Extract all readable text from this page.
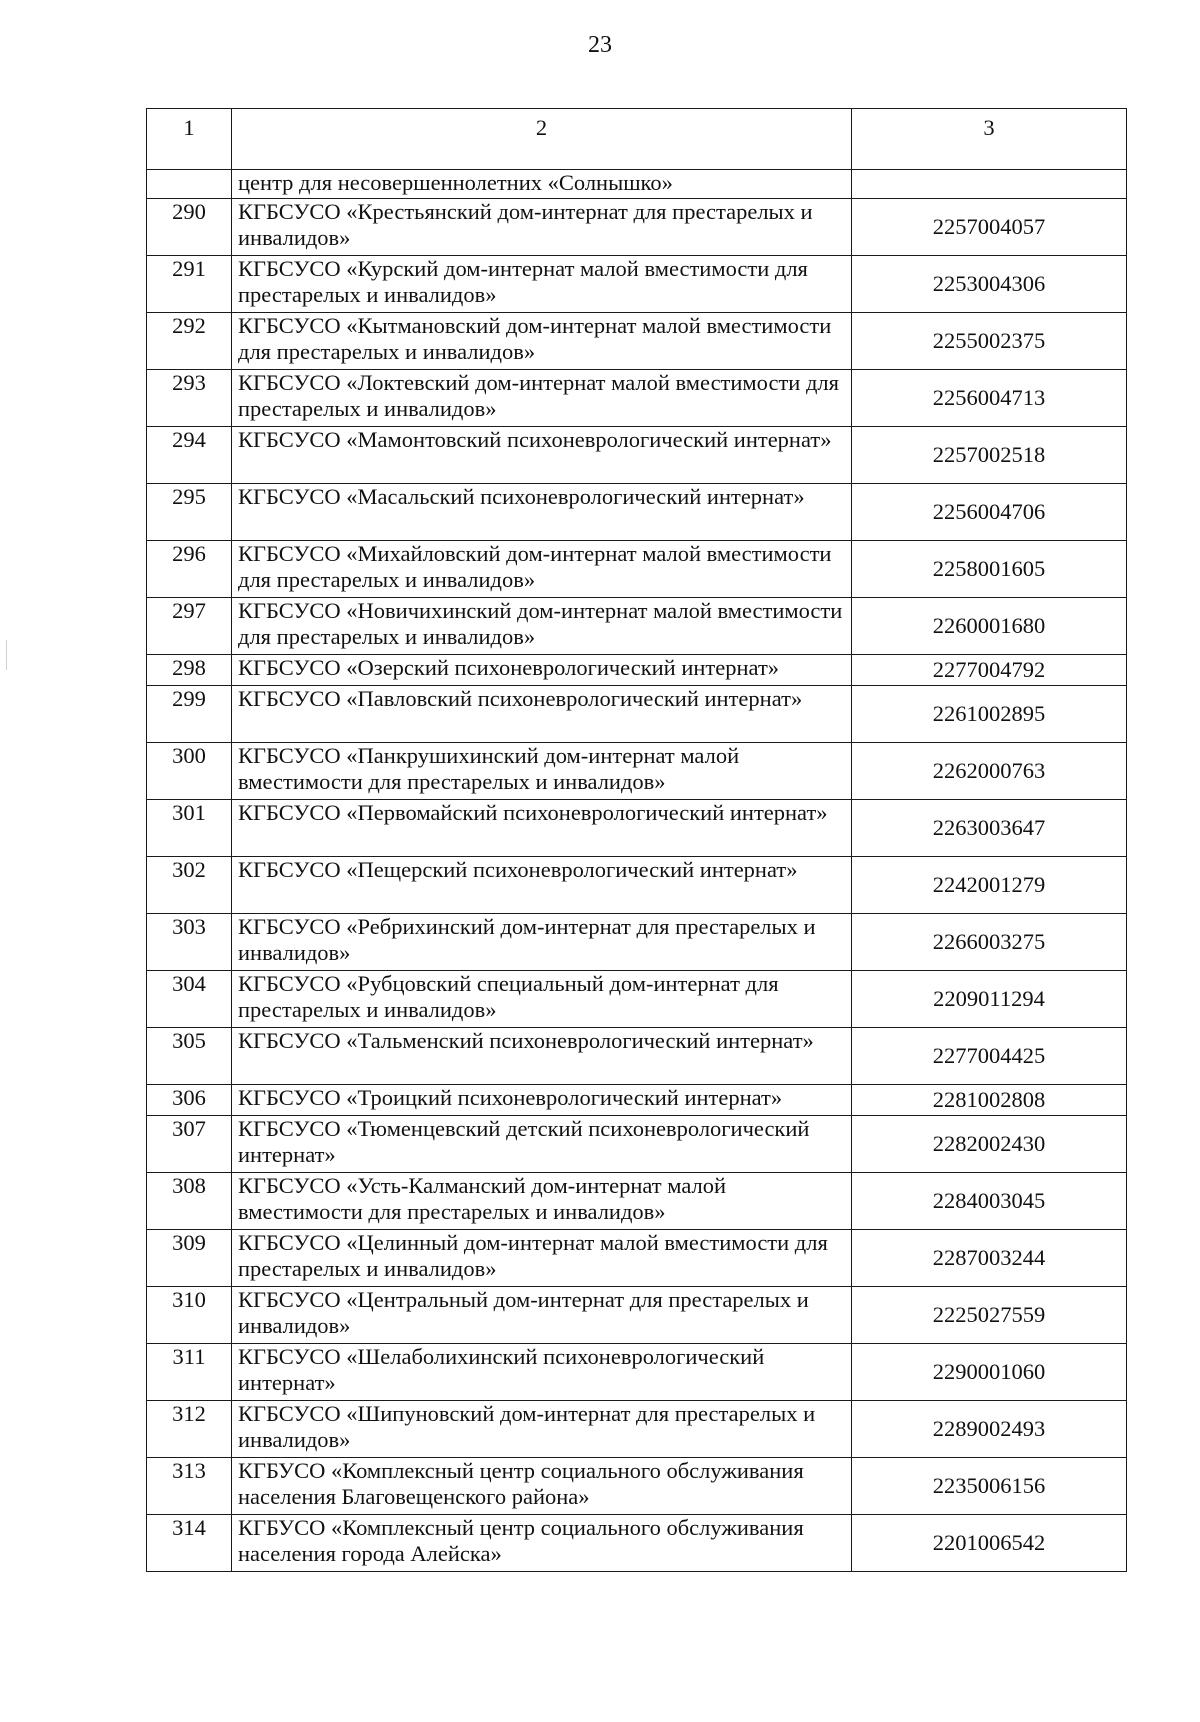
23
1	2	3
	центр для несовершеннолетних «Солнышко»	
290	КГБСУСО «Крестьянский дом-интернат для престарелых и инвалидов»	2257004057
291	КГБСУСО «Курский дом-интернат малой вместимости для престарелых и инвалидов»	2253004306
292	КГБСУСО «Кытмановский дом-интернат малой вместимости для престарелых и инвалидов»	2255002375
293	КГБСУСО «Локтевский дом-интернат малой вместимости для престарелых и инвалидов»	2256004713
294	КГБСУСО «Мамонтовский психоневрологический интернат»	2257002518
295	КГБСУСО «Масальский психоневрологический интернат»	2256004706
296	КГБСУСО «Михайловский дом-интернат малой вместимости для престарелых и инвалидов»	2258001605
297	КГБСУСО «Новичихинский дом-интернат малой вместимости для престарелых и инвалидов»	2260001680
298	КГБСУСО «Озерский психоневрологический интернат»	2277004792
299	КГБСУСО «Павловский психоневрологический интернат»	2261002895
300	КГБСУСО «Панкрушихинский дом-интернат малой вместимости для престарелых и инвалидов»	2262000763
301	КГБСУСО «Первомайский психоневрологический интернат»	2263003647
302	КГБСУСО «Пещерский психоневрологический интернат»	2242001279
303	КГБСУСО «Ребрихинский дом-интернат для престарелых и инвалидов»	2266003275
304	КГБСУСО «Рубцовский специальный дом-интернат для престарелых и инвалидов»	2209011294
305	КГБСУСО «Тальменский психоневрологический интернат»	2277004425
306	КГБСУСО «Троицкий психоневрологический интернат»	2281002808
307	КГБСУСО «Тюменцевский детский психоневрологический интернат»	2282002430
308	КГБСУСО «Усть-Калманский дом-интернат малой вместимости для престарелых и инвалидов»	2284003045
309	КГБСУСО «Целинный дом-интернат малой вместимости для престарелых и инвалидов»	2287003244
310	КГБСУСО «Центральный дом-интернат для престарелых и инвалидов»	2225027559
311	КГБСУСО «Шелаболихинский психоневрологический интернат»	2290001060
312	КГБСУСО «Шипуновский дом-интернат для престарелых и инвалидов»	2289002493
313	КГБУСО «Комплексный центр социального обслуживания населения Благовещенского района»	2235006156
314	КГБУСО «Комплексный центр социального обслуживания населения города Алейска»	2201006542
